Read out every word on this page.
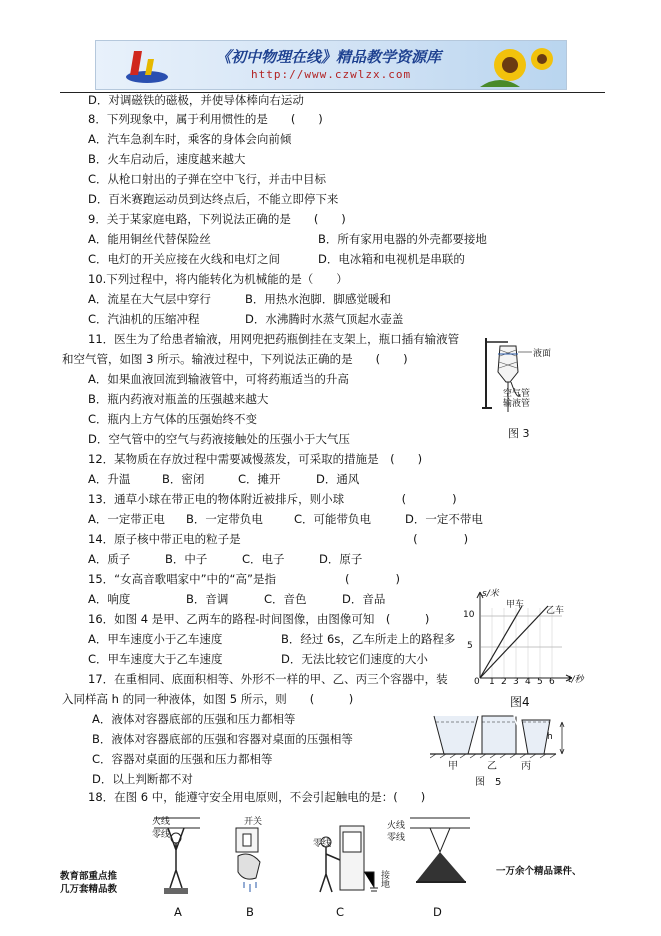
《初中物理在线》精品教学资源库
http://www.czwlzx.com
D．对调磁铁的磁极，并使导体棒向右运动
8．下列现象中，属于利用惯性的是　　(　　)
A．汽车急刹车时，乘客的身体会向前倾
B．火车启动后，速度越来越大
C．从枪口射出的子弹在空中飞行，并击中目标
D．百米赛跑运动员到达终点后，不能立即停下来
9．关于某家庭电路，下列说法正确的是　　(　　)
A．能用铜丝代替保险丝	B．所有家用电器的外壳都要接地
C．电灯的开关应接在火线和电灯之间	D．电冰箱和电视机是串联的
10.下列过程中，将内能转化为机械能的是（　　）
A．流星在大气层中穿行	B．用热水泡脚．脚感觉暖和
C．汽油机的压缩冲程	D．水沸腾时水蒸气顶起水壶盖
11．医生为了给患者输液，用网兜把药瓶倒挂在支架上，瓶口插有输液管
和空气管，如图 3 所示。输液过程中，下列说法正确的是　　(　　)
A．如果血液回流到输液管中，可将药瓶适当的升高
B．瓶内药液对瓶盖的压强越来越大
C．瓶内上方气体的压强始终不变
D．空气管中的空气与药液接触处的压强小于大气压
12．某物质在存放过程中需要减慢蒸发，可采取的措施是　(　　)
A．升温	B．密闭	C．摊开	D．通风
13．通草小球在带正电的物体附近被排斥，则小球　　　　　(　　　　)
A．一定带正电 B．一定带负电	C．可能带负电	D．一定不带电
14．原子核中带正电的粒子是　　　　　　　　　　　　　　　(　　　　)
A．质子	B．中子	C．电子	D．原子
15．“女高音歌唱家中”中的“高”是指　　　　　　(　　　　)
A．响度	B．音调	C．音色	D．音品
16．如图 4 是甲、乙两车的路程-时间图像，由图像可知　(　　　)
A．甲车速度小于乙车速度	B．经过 6s，乙车所走上的路程多
C．甲车速度大于乙车速度	D．无法比较它们速度的大小
17．在重相同、底面积相等、外形不一样的甲、乙、丙三个容器中，装
入同样高 h 的同一种液体，如图 5 所示，则　　(　　　)
A．液体对容器底部的压强和压力都相等
B．液体对容器底部的压强和容器对桌面的压强相等
C．容器对桌面的压强和压力都相等
D．以上判断都不对
18．在图 6 中，能遵守安全用电原则，不会引起触电的是：(　　)
液面
空气管
输液管
图 3
s/米
t/秒
5
10
0 1 2 3 4 5 6
甲车
乙车
图4
h
甲	乙 丙
图　5
火线
零线
开关
零线
接地
火线
零线
A	B	C	D
教育部重点推
几万套精品教
一万余个精品课件、
